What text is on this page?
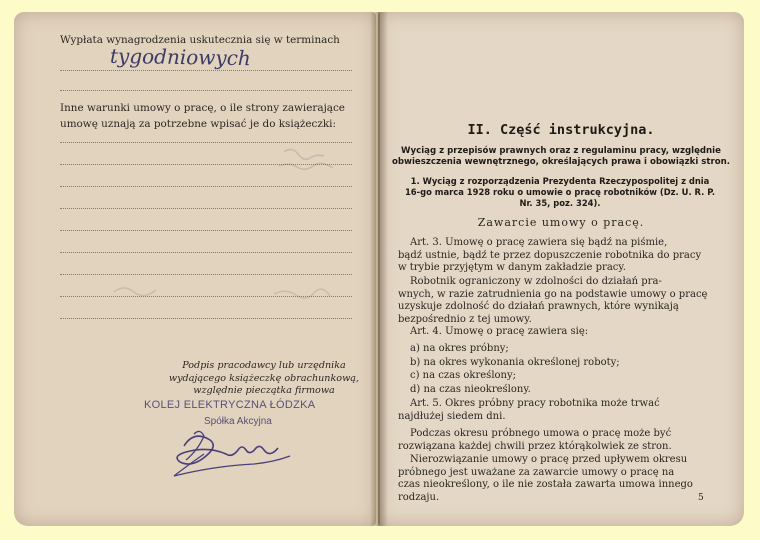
Wypłata wynagrodzenia uskutecznia się w terminach
tygodniowych
Inne warunki umowy o pracę, o ile strony zawierające
umowę uznają za potrzebne wpisać je do książeczki:
Podpis pracodawcy lub urzędnika
wydającego książeczkę obrachunkową,
względnie pieczątka firmowa
KOLEJ ELEKTRYCZNA ŁÓDZKA
Spółka Akcyjna
II. Część instrukcyjna.
Wyciąg z przepisów prawnych oraz z regulaminu pracy, względnie
obwieszczenia wewnętrznego, określających prawa i obowiązki stron.
1. Wyciąg z rozporządzenia Prezydenta Rzeczypospolitej z dnia
16-go marca 1928 roku o umowie o pracę robotników (Dz. U. R. P.
Nr. 35, poz. 324).
Zawarcie umowy o pracę.
Art. 3. Umowę o pracę zawiera się bądź na piśmie,
bądź ustnie, bądź te przez dopuszczenie robotnika do pracy
w trybie przyjętym w danym zakładzie pracy.
Robotnik ograniczony w zdolności do działań pra-
wnych, w razie zatrudnienia go na podstawie umowy o pracę
uzyskuje zdolność do działań prawnych, które wynikają
bezpośrednio z tej umowy.
Art. 4. Umowę o pracę zawiera się:
a) na okres próbny;
b) na okres wykonania określonej roboty;
c) na czas określony;
d) na czas nieokreślony.
Art. 5. Okres próbny pracy robotnika może trwać
najdłużej siedem dni.
Podczas okresu próbnego umowa o pracę może być
rozwiązana każdej chwili przez którąkolwiek ze stron.
Nierozwiązanie umowy o pracę przed upływem okresu
próbnego jest uważane za zawarcie umowy o pracę na
czas nieokreślony, o ile nie została zawarta umowa innego
rodzaju.	5
